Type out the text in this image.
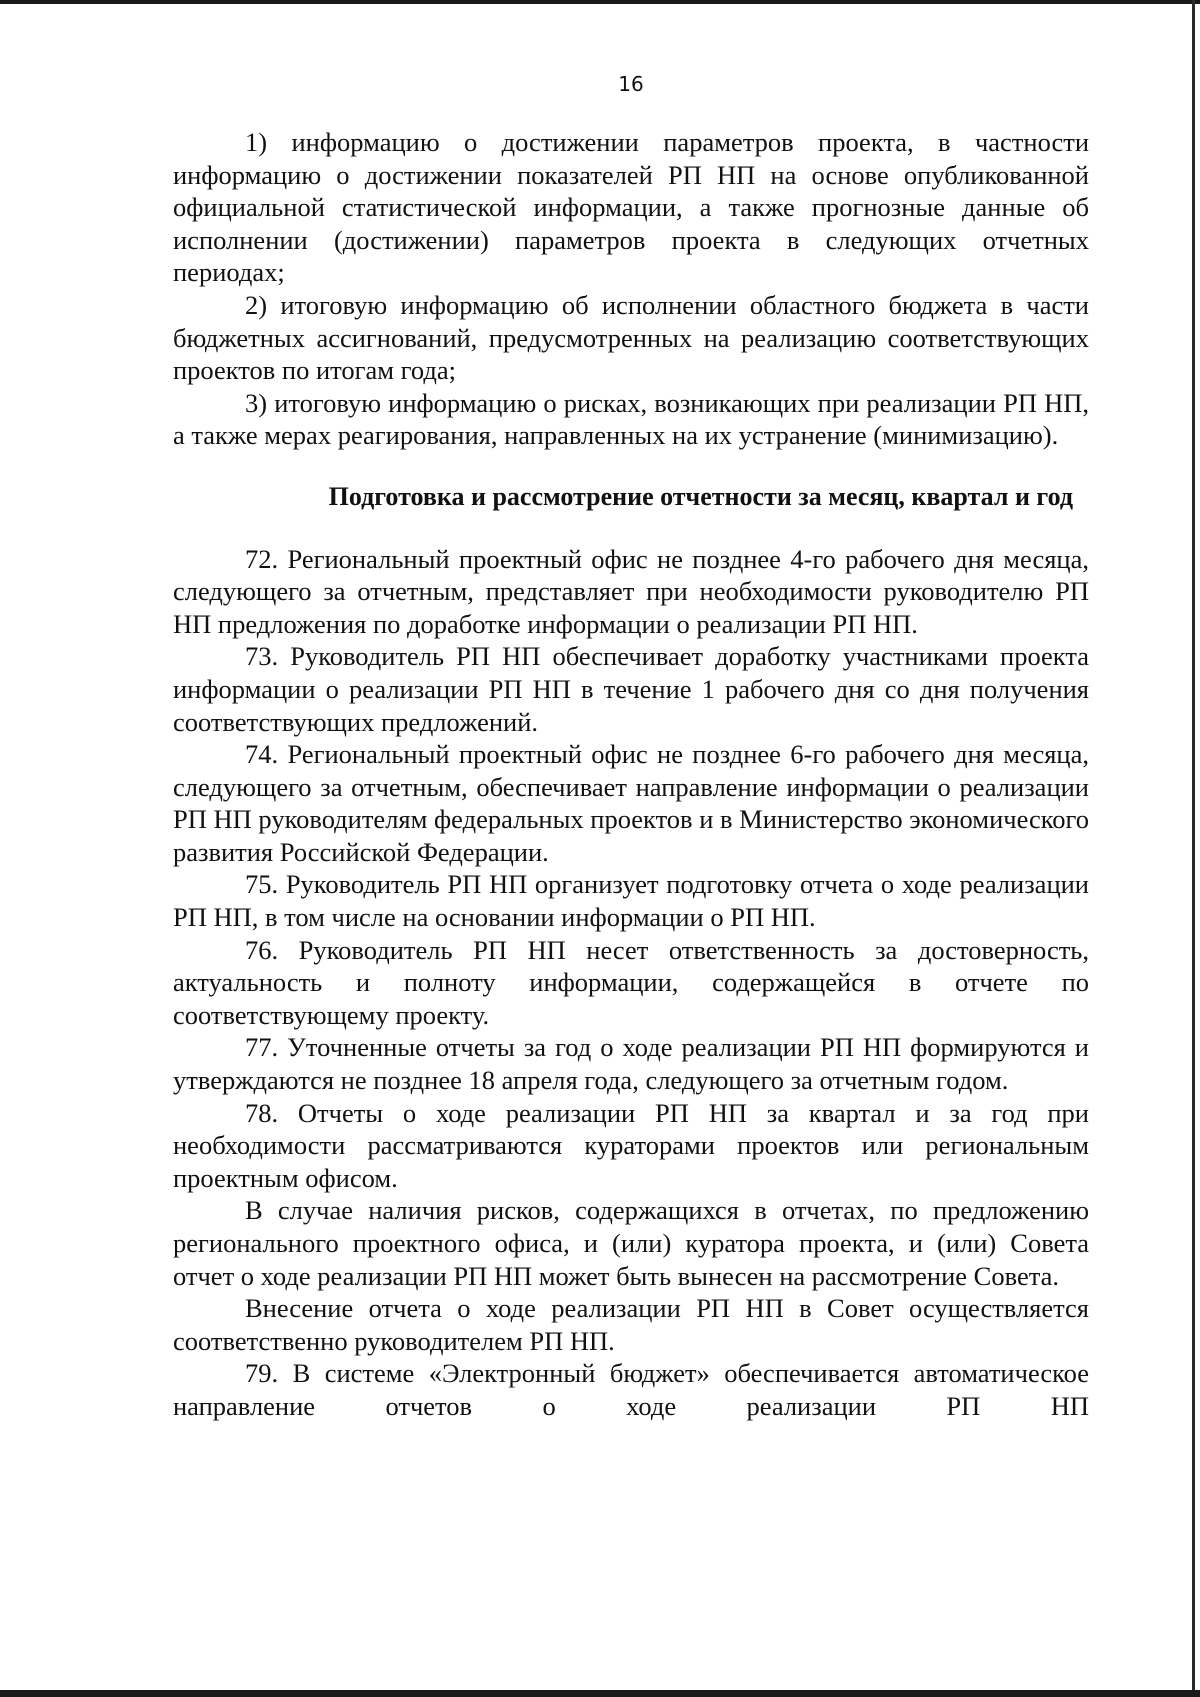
16

1) информацию о достижении параметров проекта, в частности информацию о достижении показателей РП НП на основе опубликованной официальной статистической информации, а также прогнозные данные об исполнении (достижении) параметров проекта в следующих отчетных периодах;

2) итоговую информацию об исполнении областного бюджета в части бюджетных ассигнований, предусмотренных на реализацию соответствующих проектов по итогам года;

3) итоговую информацию о рисках, возникающих при реализации РП НП, а также мерах реагирования, направленных на их устранение (минимизацию).

Подготовка и рассмотрение отчетности за месяц, квартал и год

72. Региональный проектный офис не позднее 4-го рабочего дня месяца, следующего за отчетным, представляет при необходимости руководителю РП НП предложения по доработке информации о реализации РП НП.

73. Руководитель РП НП обеспечивает доработку участниками проекта информации о реализации РП НП в течение 1 рабочего дня со дня получения соответствующих предложений.

74. Региональный проектный офис не позднее 6-го рабочего дня месяца, следующего за отчетным, обеспечивает направление информации о реализации РП НП руководителям федеральных проектов и в Министерство экономического развития Российской Федерации.

75. Руководитель РП НП организует подготовку отчета о ходе реализации РП НП, в том числе на основании информации о РП НП.

76. Руководитель РП НП несет ответственность за достоверность, актуальность и полноту информации, содержащейся в отчете по соответствующему проекту.

77. Уточненные отчеты за год о ходе реализации РП НП формируются и утверждаются не позднее 18 апреля года, следующего за отчетным годом.

78. Отчеты о ходе реализации РП НП за квартал и за год при необходимости рассматриваются кураторами проектов или региональным проектным офисом.

В случае наличия рисков, содержащихся в отчетах, по предложению регионального проектного офиса, и (или) куратора проекта, и (или) Совета отчет о ходе реализации РП НП может быть вынесен на рассмотрение Совета.

Внесение отчета о ходе реализации РП НП в Совет осуществляется соответственно руководителем РП НП.

79. В системе «Электронный бюджет» обеспечивается автоматическое направление отчетов о ходе реализации РП НП
